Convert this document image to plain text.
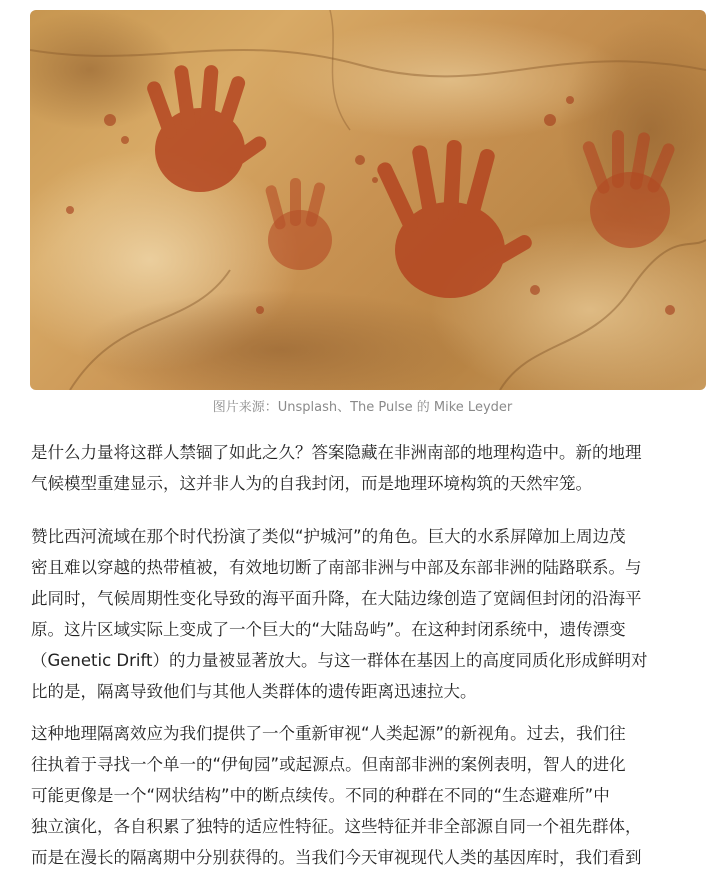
图片来源：Unsplash、The Pulse 的 Mike Leyder

是什么力量将这群人禁锢了如此之久？答案隐藏在非洲南部的地理构造中。新的地理
气候模型重建显示，这并非人为的自我封闭，而是地理环境构筑的天然牢笼。

赞比西河流域在那个时代扮演了类似“护城河”的角色。巨大的水系屏障加上周边茂
密且难以穿越的热带植被，有效地切断了南部非洲与中部及东部非洲的陆路联系。与
此同时，气候周期性变化导致的海平面升降，在大陆边缘创造了宽阔但封闭的沿海平
原。这片区域实际上变成了一个巨大的“大陆岛屿”。在这种封闭系统中，遗传漂变
（Genetic Drift）的力量被显著放大。与这一群体在基因上的高度同质化形成鲜明对
比的是，隔离导致他们与其他人类群体的遗传距离迅速拉大。

这种地理隔离效应为我们提供了一个重新审视“人类起源”的新视角。过去，我们往
往执着于寻找一个单一的“伊甸园”或起源点。但南部非洲的案例表明，智人的进化
可能更像是一个“网状结构”中的断点续传。不同的种群在不同的“生态避难所”中
独立演化，各自积累了独特的适应性特征。这些特征并非全部源自同一个祖先群体，
而是在漫长的隔离期中分别获得的。当我们今天审视现代人类的基因库时，我们看到
